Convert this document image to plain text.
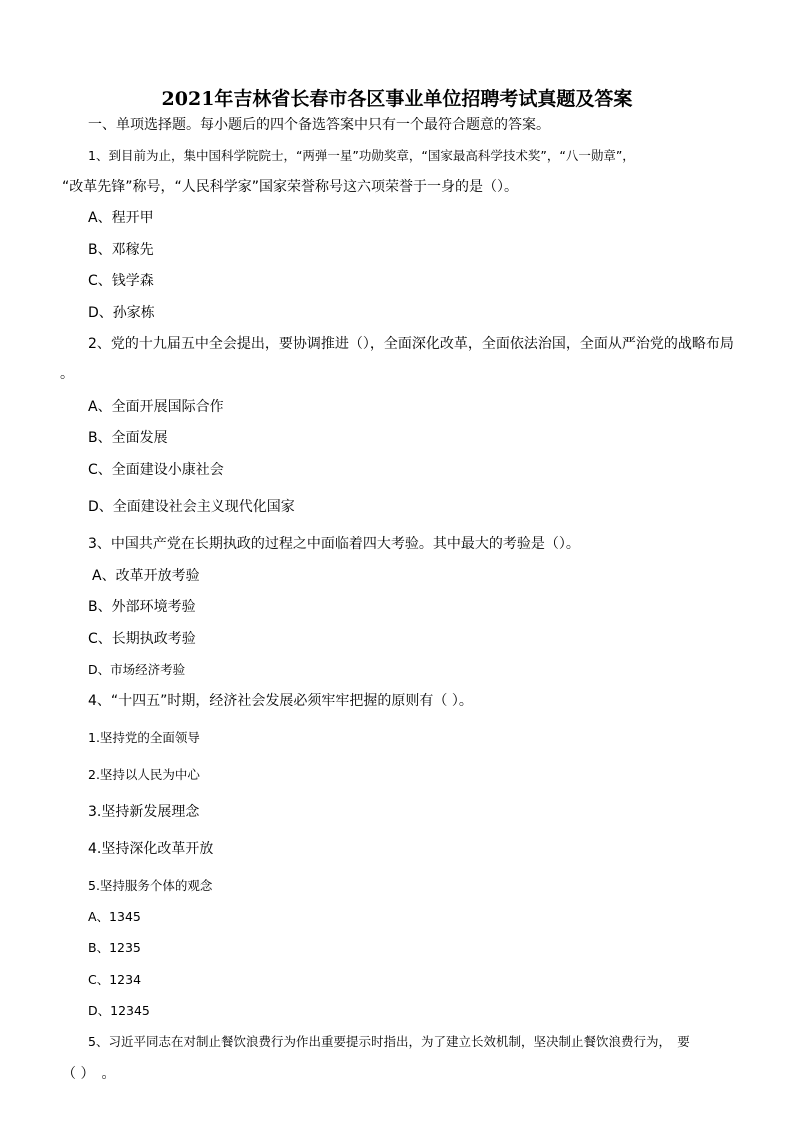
2021年吉林省长春市各区事业单位招聘考试真题及答案
一、单项选择题。每小题后的四个备选答案中只有一个最符合题意的答案。
1、到目前为止，集中国科学院院士，“两弹一星”功勋奖章，“国家最高科学技术奖”，“八一勋章”，
“改革先锋”称号，“人民科学家”国家荣誉称号这六项荣誉于一身的是（）。
A、程开甲
B、邓稼先
C、钱学森
D、孙家栋
2、党的十九届五中全会提出，要协调推进（），全面深化改革，全面依法治国，全面从严治党的战略布局
。
A、全面开展国际合作
B、全面发展
C、全面建设小康社会
D、全面建设社会主义现代化国家
3、中国共产党在长期执政的过程之中面临着四大考验。其中最大的考验是（）。
A、改革开放考验
B、外部环境考验
C、长期执政考验
D、市场经济考验
4、“十四五”时期，经济社会发展必须牢牢把握的原则有（ ）。
1.坚持党的全面领导
2.坚持以人民为中心
3.坚持新发展理念
4.坚持深化改革开放
5.坚持服务个体的观念
A、1345
B、1235
C、1234
D、12345
5、习近平同志在对制止餐饮浪费行为作出重要提示时指出，为了建立长效机制，坚决制止餐饮浪费行为，　要
（ ）　。
